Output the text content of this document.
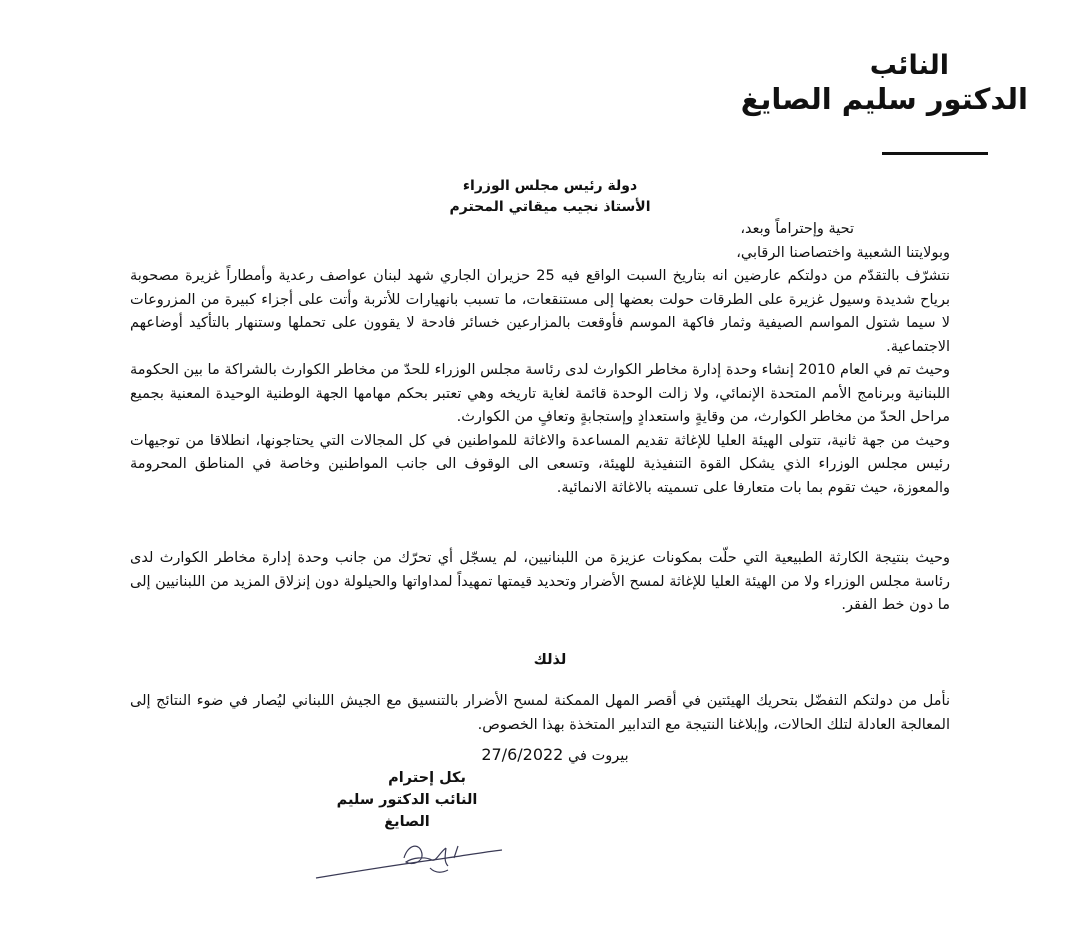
النائب
الدكتور سليم الصايغ
دولة رئيس مجلس الوزراء
الأستاذ نجيب ميقاتي المحترم

تحية وإحتراماً وبعد،

وبولايتنا الشعبية واختصاصنا الرقابي،

نتشرّف بالتقدّم من دولتكم عارضين انه بتاريخ السبت الواقع فيه 25 حزيران الجاري شهد لبنان عواصف رعدية وأمطاراً غزيرة مصحوبة برياح شديدة وسيول غزيرة على الطرقات حولت بعضها إلى مستنقعات، ما تسبب بانهيارات للأتربة وأتت على أجزاء كبيرة من المزروعات لا سيما شتول المواسم الصيفية وثمار فاكهة الموسم فأوقعت بالمزارعين خسائر فادحة لا يقوون على تحملها وستنهار بالتأكيد أوضاعهم الاجتماعية.

وحيث تم في العام 2010 إنشاء وحدة إدارة مخاطر الكوارث لدى رئاسة مجلس الوزراء للحدّ من مخاطر الكوارث بالشراكة ما بين الحكومة اللبنانية وبرنامج الأمم المتحدة الإنمائي، ولا زالت الوحدة قائمة لغاية تاريخه وهي تعتبر بحكم مهامها الجهة الوطنية الوحيدة المعنية بجميع مراحل الحدّ من مخاطر الكوارث، من وقايةٍ واستعدادٍ وإستجابةٍ وتعافٍ من الكوارث.

وحيث من جهة ثانية، تتولى الهيئة العليا للإغاثة تقديم المساعدة والاغاثة للمواطنين في كل المجالات التي يحتاجونها، انطلاقا من توجيهات رئيس مجلس الوزراء الذي يشكل القوة التنفيذية للهيئة، وتسعى الى الوقوف الى جانب المواطنين وخاصة في المناطق المحرومة والمعوزة، حيث تقوم بما بات متعارفا على تسميته بالاغاثة الانمائية.

وحيث بنتيجة الكارثة الطبيعية التي حلّت بمكونات عزيزة من اللبنانيين، لم يسجّل أي تحرّك من جانب وحدة إدارة مخاطر الكوارث لدى رئاسة مجلس الوزراء ولا من الهيئة العليا للإغاثة لمسح الأضرار وتحديد قيمتها تمهيداً لمداواتها والحيلولة دون إنزلاق المزيد من اللبنانيين إلى ما دون خط الفقر.

لذلك

نأمل من دولتكم التفضّل بتحريك الهيئتين في أقصر المهل الممكنة لمسح الأضرار بالتنسيق مع الجيش اللبناني ليُصار في ضوء النتائج إلى المعالجة العادلة لتلك الحالات، وإبلاغنا النتيجة مع التدابير المتخذة بهذا الخصوص.

بيروت في 27/6/2022
بكل إحترام
النائب الدكتور سليم الصايغ
